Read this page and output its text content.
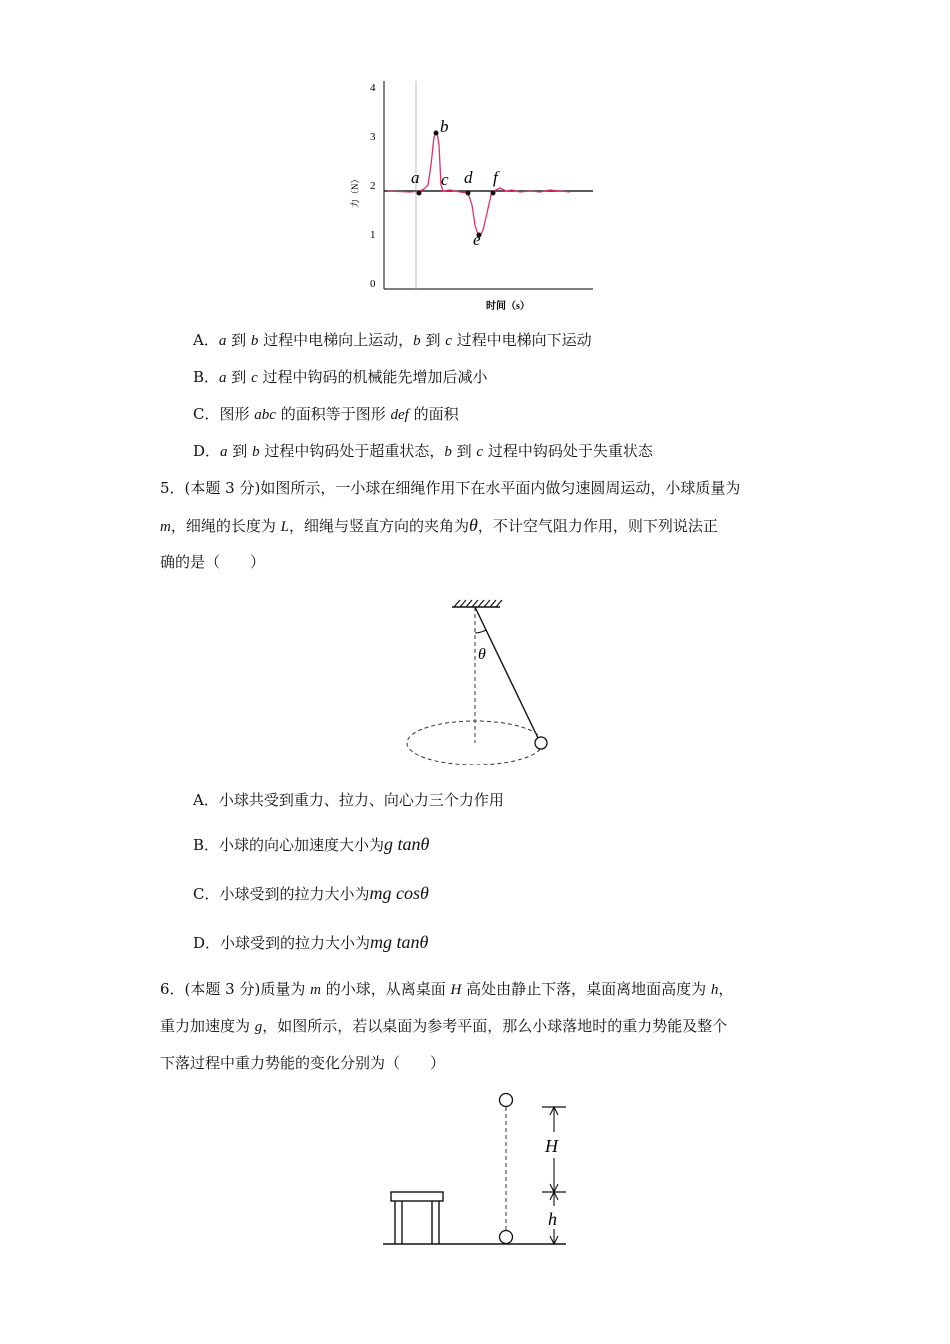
4
3
2
1
0
力（N）
时间（s）
a
b
c d
e
f
A．a 到 b 过程中电梯向上运动，b 到 c 过程中电梯向下运动
B．a 到 c 过程中钩码的机械能先增加后减小
C．图形 abc 的面积等于图形 def 的面积
D．a 到 b 过程中钩码处于超重状态，b 到 c 过程中钩码处于失重状态
5．(本题 3 分)如图所示，一小球在细绳作用下在水平面内做匀速圆周运动，小球质量为
m，细绳的长度为 L，细绳与竖直方向的夹角为θ，不计空气阻力作用，则下列说法正
确的是（　　）
θ
A．小球共受到重力、拉力、向心力三个力作用
B．小球的向心加速度大小为g tanθ
C．小球受到的拉力大小为mg cosθ
D．小球受到的拉力大小为mg tanθ
6．(本题 3 分)质量为 m 的小球，从离桌面 H 高处由静止下落，桌面离地面高度为 h，
重力加速度为 g，如图所示，若以桌面为参考平面，那么小球落地时的重力势能及整个
下落过程中重力势能的变化分别为（　　）
H
h
